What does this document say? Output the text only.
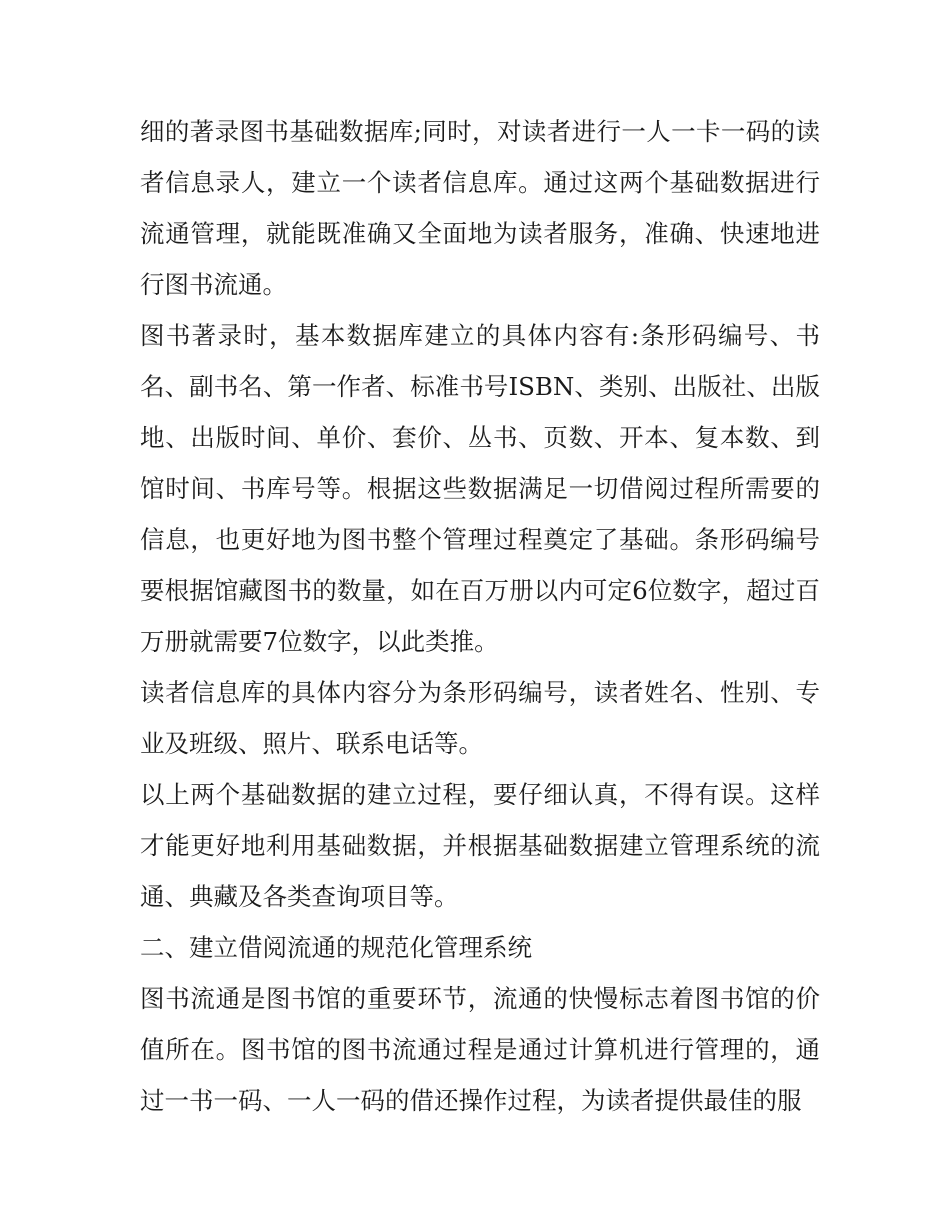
细的著录图书基础数据库;同时，对读者进行一人一卡一码的读者信息录人，建立一个读者信息库。通过这两个基础数据进行流通管理，就能既准确又全面地为读者服务，准确、快速地进行图书流通。

图书著录时，基本数据库建立的具体内容有:条形码编号、书名、副书名、第一作者、标准书号ISBN、类别、出版社、出版地、出版时间、单价、套价、丛书、页数、开本、复本数、到馆时间、书库号等。根据这些数据满足一切借阅过程所需要的信息，也更好地为图书整个管理过程奠定了基础。条形码编号要根据馆藏图书的数量，如在百万册以内可定6位数字，超过百万册就需要7位数字，以此类推。

读者信息库的具体内容分为条形码编号，读者姓名、性别、专业及班级、照片、联系电话等。

以上两个基础数据的建立过程，要仔细认真，不得有误。这样才能更好地利用基础数据，并根据基础数据建立管理系统的流通、典藏及各类查询项目等。

二、建立借阅流通的规范化管理系统

图书流通是图书馆的重要环节，流通的快慢标志着图书馆的价值所在。图书馆的图书流通过程是通过计算机进行管理的，通过一书一码、一人一码的借还操作过程，为读者提供最佳的服
